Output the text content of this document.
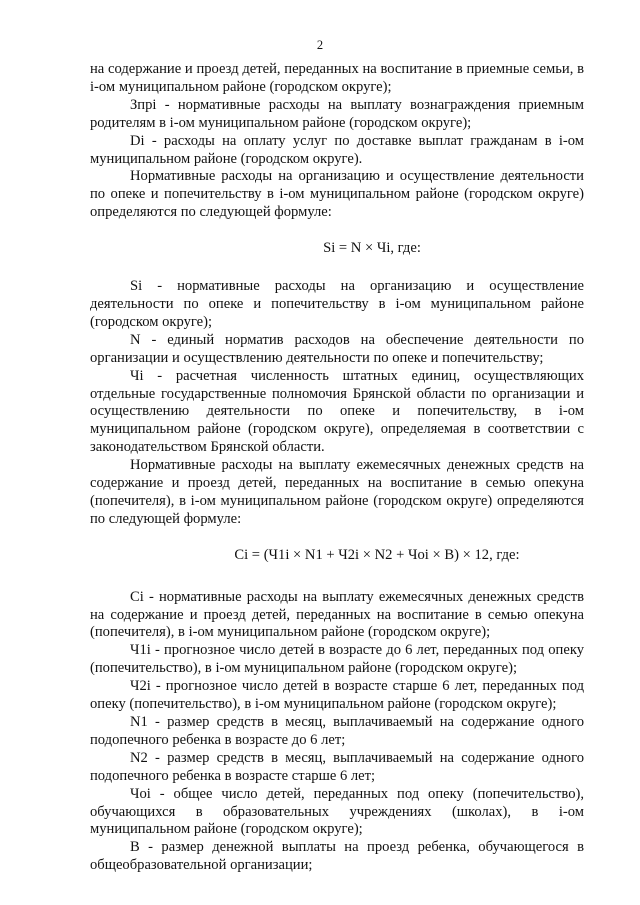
2

на содержание и проезд детей, переданных на воспитание в приемные семьи, в i-ом муниципальном районе (городском округе);

Зпрi - нормативные расходы на выплату вознаграждения приемным родителям в i-ом муниципальном районе (городском округе);

Di - расходы на оплату услуг по доставке выплат гражданам в i-ом муниципальном районе (городском округе).

Нормативные расходы на организацию и осуществление деятельности по опеке и попечительству в i-ом муниципальном районе (городском округе) определяются по следующей формуле:

Si = N × Чi, где:

Si - нормативные расходы на организацию и осуществление деятельности по опеке и попечительству в i-ом муниципальном районе (городском округе);

N - единый норматив расходов на обеспечение деятельности по организации и осуществлению деятельности по опеке и попечительству;

Чi - расчетная численность штатных единиц, осуществляющих отдельные государственные полномочия Брянской области по организации и осуществлению деятельности по опеке и попечительству, в i-ом муниципальном районе (городском округе), определяемая в соответствии с законодательством Брянской области.

Нормативные расходы на выплату ежемесячных денежных средств на содержание и проезд детей, переданных на воспитание в семью опекуна (попечителя), в i-ом муниципальном районе (городском округе) определяются по следующей формуле:

Ci = (Ч1i × N1 + Ч2i × N2 + Чоi × B) × 12, где:

Ci - нормативные расходы на выплату ежемесячных денежных средств на содержание и проезд детей, переданных на воспитание в семью опекуна (попечителя), в i-ом муниципальном районе (городском округе);

Ч1i - прогнозное число детей в возрасте до 6 лет, переданных под опеку (попечительство), в i-ом муниципальном районе (городском округе);

Ч2i - прогнозное число детей в возрасте старше 6 лет, переданных под опеку (попечительство), в i-ом муниципальном районе (городском округе);

N1 - размер средств в месяц, выплачиваемый на содержание одного подопечного ребенка в возрасте до 6 лет;

N2 - размер средств в месяц, выплачиваемый на содержание одного подопечного ребенка в возрасте старше 6 лет;

Чоi - общее число детей, переданных под опеку (попечительство), обучающихся в образовательных учреждениях (школах), в i-ом муниципальном районе (городском округе);

B - размер денежной выплаты на проезд ребенка, обучающегося в общеобразовательной организации;
